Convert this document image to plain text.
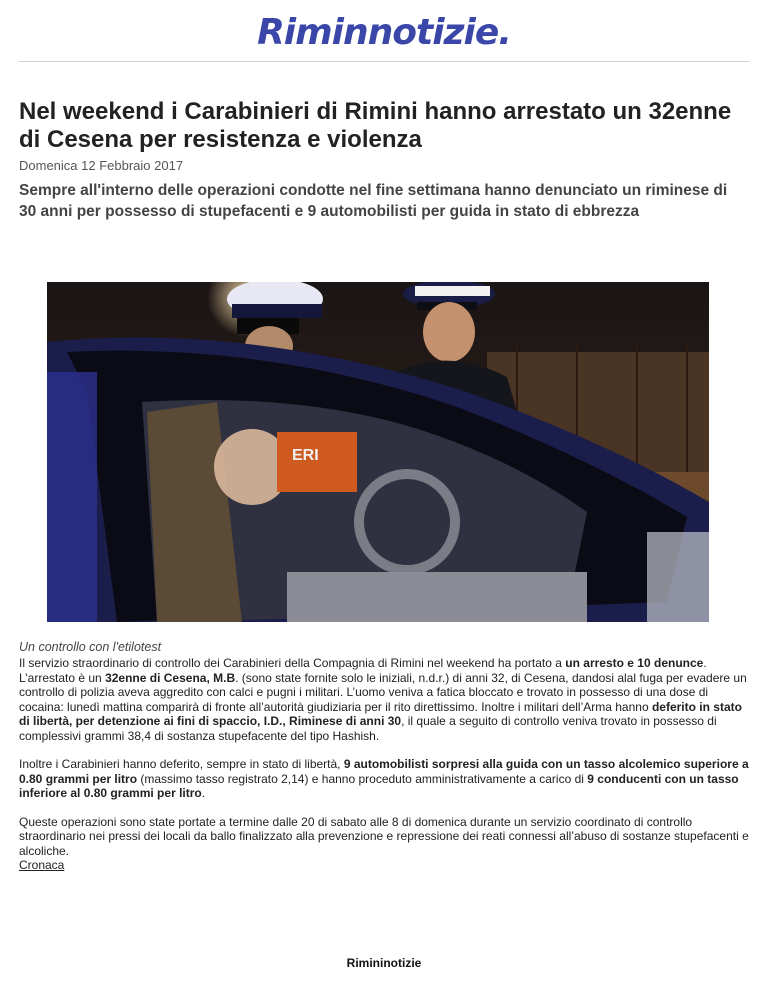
Riminnotizie.
Nel weekend i Carabinieri di Rimini hanno arrestato un 32enne di Cesena per resistenza e violenza
Domenica 12 Febbraio 2017
Sempre all'interno delle operazioni condotte nel fine settimana hanno denunciato un riminese di 30 anni per possesso di stupefacenti e 9 automobilisti per guida in stato di ebbrezza
ERI
Un controllo con l'etilotest

Il servizio straordinario di controllo dei Carabinieri della Compagnia di Rimini nel weekend ha portato a un arresto e 10 denunce. L’arrestato è un 32enne di Cesena, M.B. (sono state fornite solo le iniziali, n.d.r.) di anni 32, di Cesena, dandosi alal fuga per evadere un controllo di polizia aveva aggredito con calci e pugni i militari. L’uomo veniva a fatica bloccato e trovato in possesso di una dose di cocaina: lunedì mattina comparirà di fronte all’autorità giudiziaria per il rito direttissimo. Inoltre i militari dell’Arma hanno deferito in stato di libertà, per detenzione ai fini di spaccio, I.D., Riminese di anni 30, il quale a seguito di controllo veniva trovato in possesso di complessivi grammi 38,4 di sostanza stupefacente del tipo Hashish.

Inoltre i Carabinieri hanno deferito, sempre in stato di libertà, 9 automobilisti sorpresi alla guida con un tasso alcolemico superiore a 0.80 grammi per litro (massimo tasso registrato 2,14) e hanno proceduto amministrativamente a carico di 9 conducenti con un tasso inferiore al 0.80 grammi per litro.

Queste operazioni sono state portate a termine dalle 20 di sabato alle 8 di domenica durante un servizio coordinato di controllo straordinario nei pressi dei locali da ballo finalizzato alla prevenzione e repressione dei reati connessi all’abuso di sostanze stupefacenti e alcoliche.
Cronaca

Rimininotizie
